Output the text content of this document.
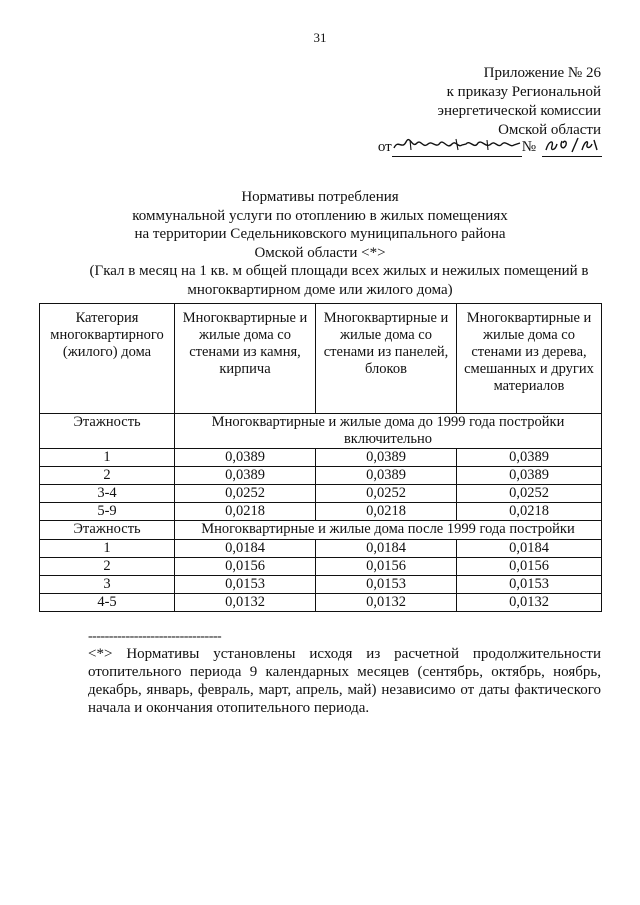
31
Приложение № 26
к приказу Региональной
энергетической комиссии
Омской области
от	№
Нормативы потребления
коммунальной услуги по отоплению в жилых помещениях
на территории Седельниковского муниципального района
Омской области <*>
(Гкал в месяц на 1 кв. м общей площади всех жилых и нежилых помещений в
многоквартирном доме или жилого дома)
Категория многоквартирного (жилого) дома	Многоквартирные и жилые дома со стенами из камня, кирпича	Многоквартирные и жилые дома со стенами из панелей, блоков	Многоквартирные и жилые дома со стенами из дерева, смешанных и других материалов
Этажность	Многоквартирные и жилые дома до 1999 года постройки включительно		
1	0,0389	0,0389	0,0389
2	0,0389	0,0389	0,0389
3-4	0,0252	0,0252	0,0252
5-9	0,0218	0,0218	0,0218
Этажность	Многоквартирные и жилые дома после 1999 года постройки		
1	0,0184	0,0184	0,0184
2	0,0156	0,0156	0,0156
3	0,0153	0,0153	0,0153
4-5	0,0132	0,0132	0,0132
--------------------------------
<*> Нормативы установлены исходя из расчетной продолжительности отопительного периода 9 календарных месяцев (сентябрь, октябрь, ноябрь, декабрь, январь, февраль, март, апрель, май) независимо от даты фактического начала и окончания отопительного периода.
